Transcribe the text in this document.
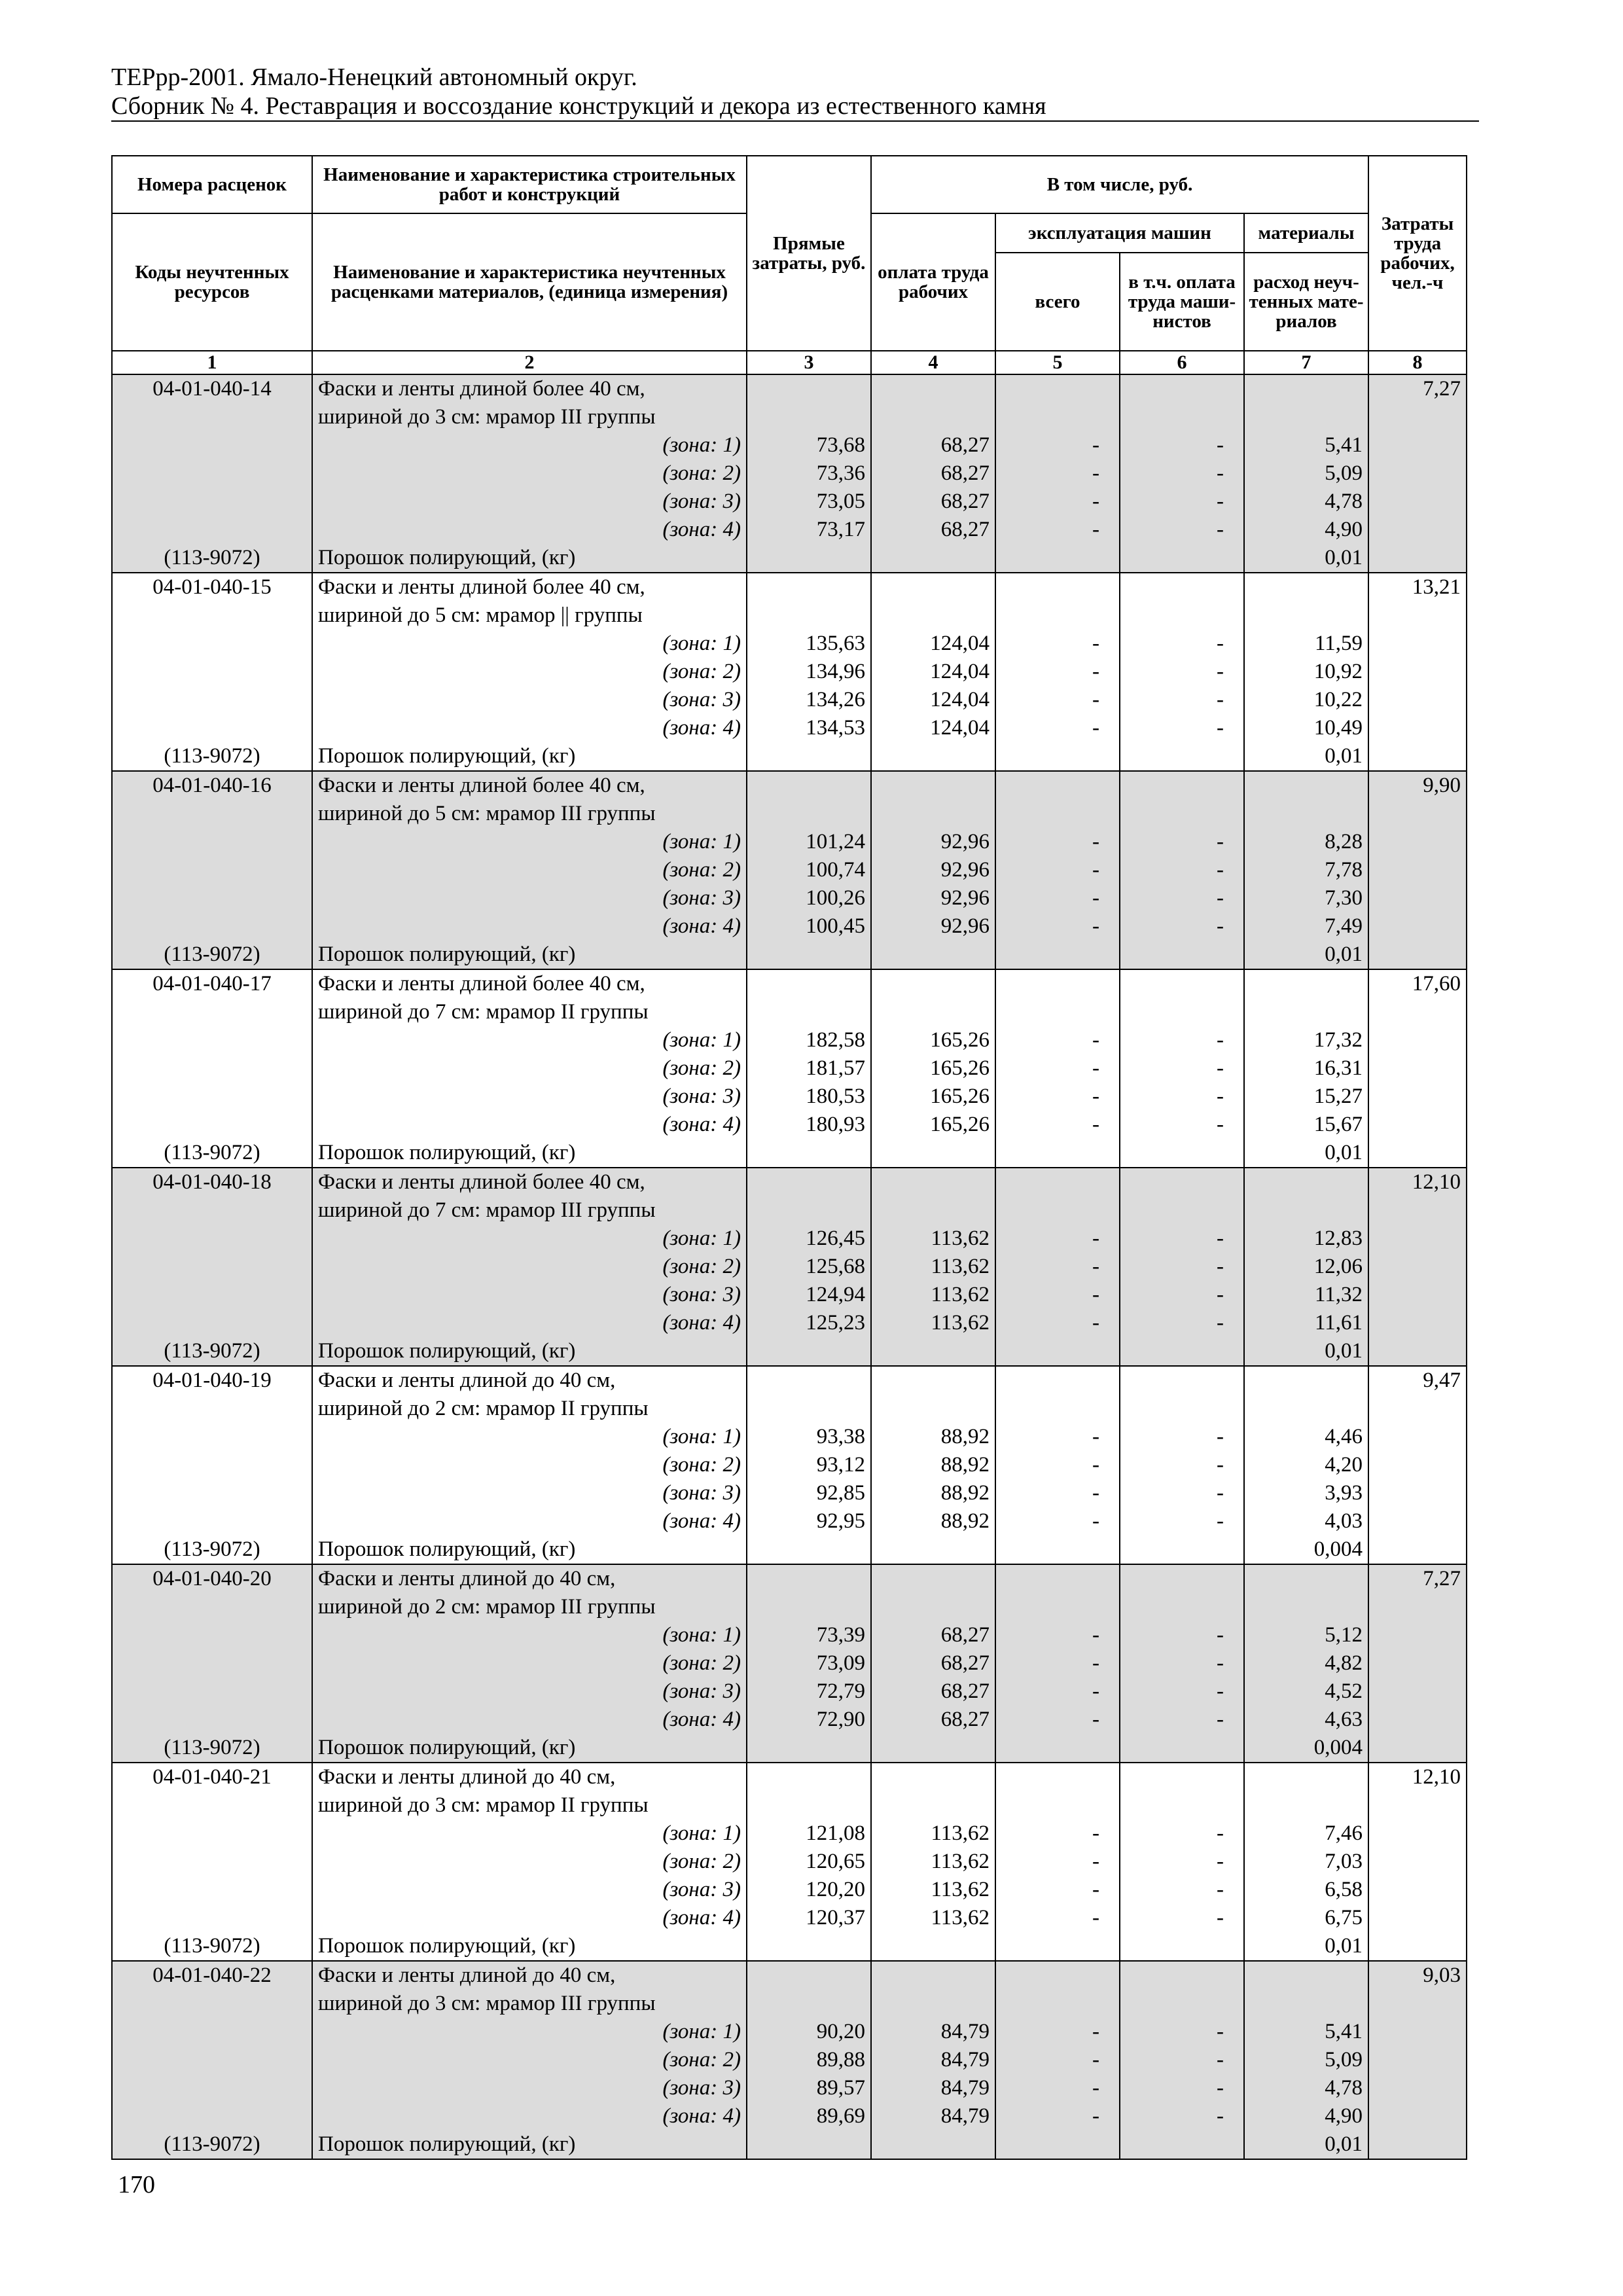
ТЕРрр-2001. Ямало-Ненецкий автономный округ.
Сборник № 4. Реставрация и воссоздание конструкций и декора из естественного камня
Номера расценок	Наименование и характеристика строительных работ и конструкций	Прямые затраты, руб.	В том числе, руб.				Затраты труда рабочих, чел.-ч
Коды неучтенных ресурсов	Наименование и характеристика неучтенных расценками материалов, (единица измерения)		оплата труда рабочих	эксплуатация машин		материалы	
				всего	в т.ч. оплата труда маши-нистов	расход неуч-тенных мате-риалов	
1	2	3	4	5	6	7	8
04-01-040-14	Фаски и ленты длиной более 40 см,						7,27
	шириной до 3 см: мрамор III группы						
	(зона: 1)	73,68	68,27	-	-	5,41	
	(зона: 2)	73,36	68,27	-	-	5,09	
	(зона: 3)	73,05	68,27	-	-	4,78	
	(зона: 4)	73,17	68,27	-	-	4,90	
(113-9072)	Порошок полирующий, (кг)					0,01	
04-01-040-15	Фаски и ленты длиной более 40 см,						13,21
	шириной до 5 см: мрамор || группы						
	(зона: 1)	135,63	124,04	-	-	11,59	
	(зона: 2)	134,96	124,04	-	-	10,92	
	(зона: 3)	134,26	124,04	-	-	10,22	
	(зона: 4)	134,53	124,04	-	-	10,49	
(113-9072)	Порошок полирующий, (кг)					0,01	
04-01-040-16	Фаски и ленты длиной более 40 см,						9,90
	шириной до 5 см: мрамор III группы						
	(зона: 1)	101,24	92,96	-	-	8,28	
	(зона: 2)	100,74	92,96	-	-	7,78	
	(зона: 3)	100,26	92,96	-	-	7,30	
	(зона: 4)	100,45	92,96	-	-	7,49	
(113-9072)	Порошок полирующий, (кг)					0,01	
04-01-040-17	Фаски и ленты длиной более 40 см,						17,60
	шириной до 7 см: мрамор II группы						
	(зона: 1)	182,58	165,26	-	-	17,32	
	(зона: 2)	181,57	165,26	-	-	16,31	
	(зона: 3)	180,53	165,26	-	-	15,27	
	(зона: 4)	180,93	165,26	-	-	15,67	
(113-9072)	Порошок полирующий, (кг)					0,01	
04-01-040-18	Фаски и ленты длиной более 40 см,						12,10
	шириной до 7 см: мрамор III группы						
	(зона: 1)	126,45	113,62	-	-	12,83	
	(зона: 2)	125,68	113,62	-	-	12,06	
	(зона: 3)	124,94	113,62	-	-	11,32	
	(зона: 4)	125,23	113,62	-	-	11,61	
(113-9072)	Порошок полирующий, (кг)					0,01	
04-01-040-19	Фаски и ленты длиной до 40 см,						9,47
	шириной до 2 см: мрамор II группы						
	(зона: 1)	93,38	88,92	-	-	4,46	
	(зона: 2)	93,12	88,92	-	-	4,20	
	(зона: 3)	92,85	88,92	-	-	3,93	
	(зона: 4)	92,95	88,92	-	-	4,03	
(113-9072)	Порошок полирующий, (кг)					0,004	
04-01-040-20	Фаски и ленты длиной до 40 см,						7,27
	шириной до 2 см: мрамор III группы						
	(зона: 1)	73,39	68,27	-	-	5,12	
	(зона: 2)	73,09	68,27	-	-	4,82	
	(зона: 3)	72,79	68,27	-	-	4,52	
	(зона: 4)	72,90	68,27	-	-	4,63	
(113-9072)	Порошок полирующий, (кг)					0,004	
04-01-040-21	Фаски и ленты длиной до 40 см,						12,10
	шириной до 3 см: мрамор II группы						
	(зона: 1)	121,08	113,62	-	-	7,46	
	(зона: 2)	120,65	113,62	-	-	7,03	
	(зона: 3)	120,20	113,62	-	-	6,58	
	(зона: 4)	120,37	113,62	-	-	6,75	
(113-9072)	Порошок полирующий, (кг)					0,01	
04-01-040-22	Фаски и ленты длиной до 40 см,						9,03
	шириной до 3 см: мрамор III группы						
	(зона: 1)	90,20	84,79	-	-	5,41	
	(зона: 2)	89,88	84,79	-	-	5,09	
	(зона: 3)	89,57	84,79	-	-	4,78	
	(зона: 4)	89,69	84,79	-	-	4,90	
(113-9072)	Порошок полирующий, (кг)					0,01	
170
